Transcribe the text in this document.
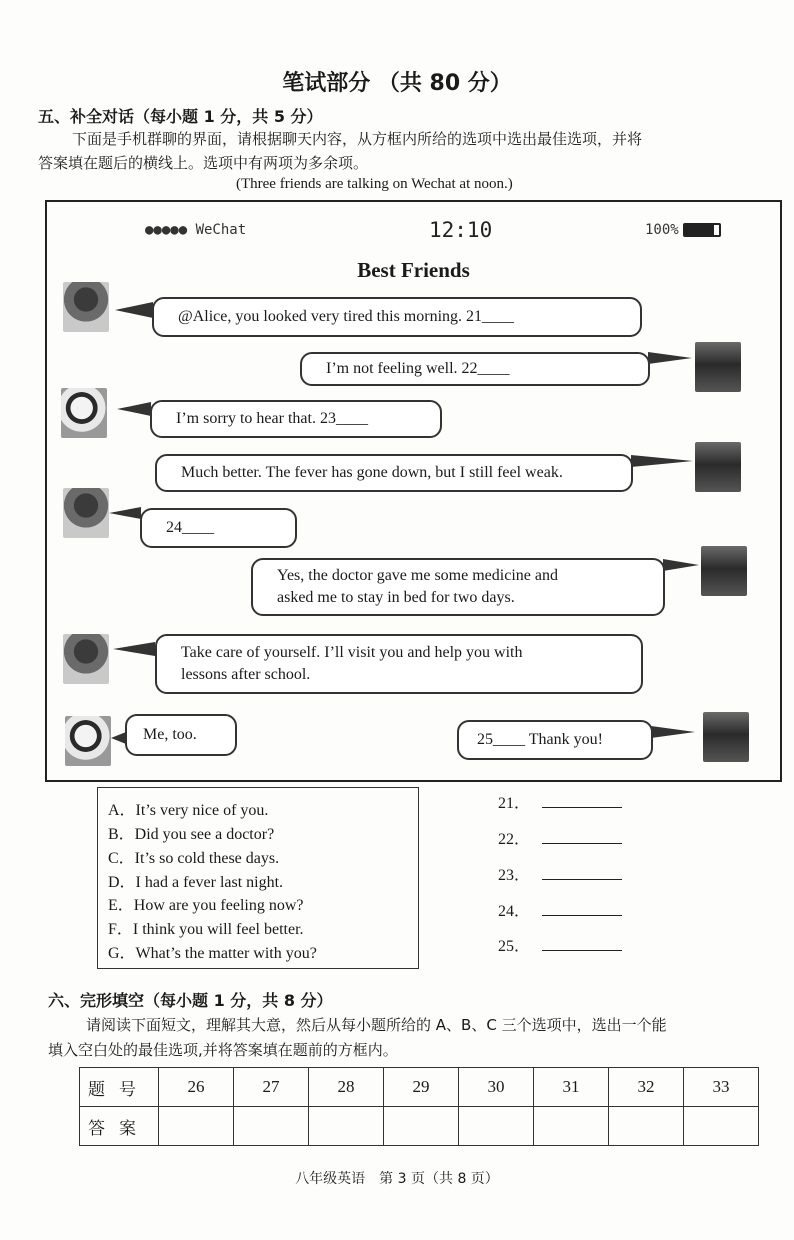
笔试部分 （共 80 分）
五、补全对话（每小题 1 分，共 5 分）
下面是手机群聊的界面，请根据聊天内容，从方框内所给的选项中选出最佳选项，并将
答案填在题后的横线上。选项中有两项为多余项。
(Three friends are talking on Wechat at noon.)
●●●●● WeChat	12:10	100%
Best Friends
@Alice, you looked very tired this morning. 21____
I’m not feeling well. 22____
I’m sorry to hear that. 23____
Much better. The fever has gone down, but I still feel weak.
24____
Yes, the doctor gave me some medicine and
asked me to stay in bed for two days.
Take care of yourself. I’ll visit you and help you with
lessons after school.
Me, too.	25____ Thank you!
A．It’s very nice of you.
B．Did you see a doctor?
C．It’s so cold these days.
D．I had a fever last night.
E．How are you feeling now?
F．I think you will feel better.
G．What’s the matter with you?
21．
22．
23．
24．
25．
六、完形填空（每小题 1 分，共 8 分）
请阅读下面短文，理解其大意，然后从每小题所给的 A、B、C 三个选项中，选出一个能
填入空白处的最佳选项,并将答案填在题前的方框内。
题号	26	27	28	29	30	31	32	33
答案								
八年级英语　第 3 页（共 8 页）
